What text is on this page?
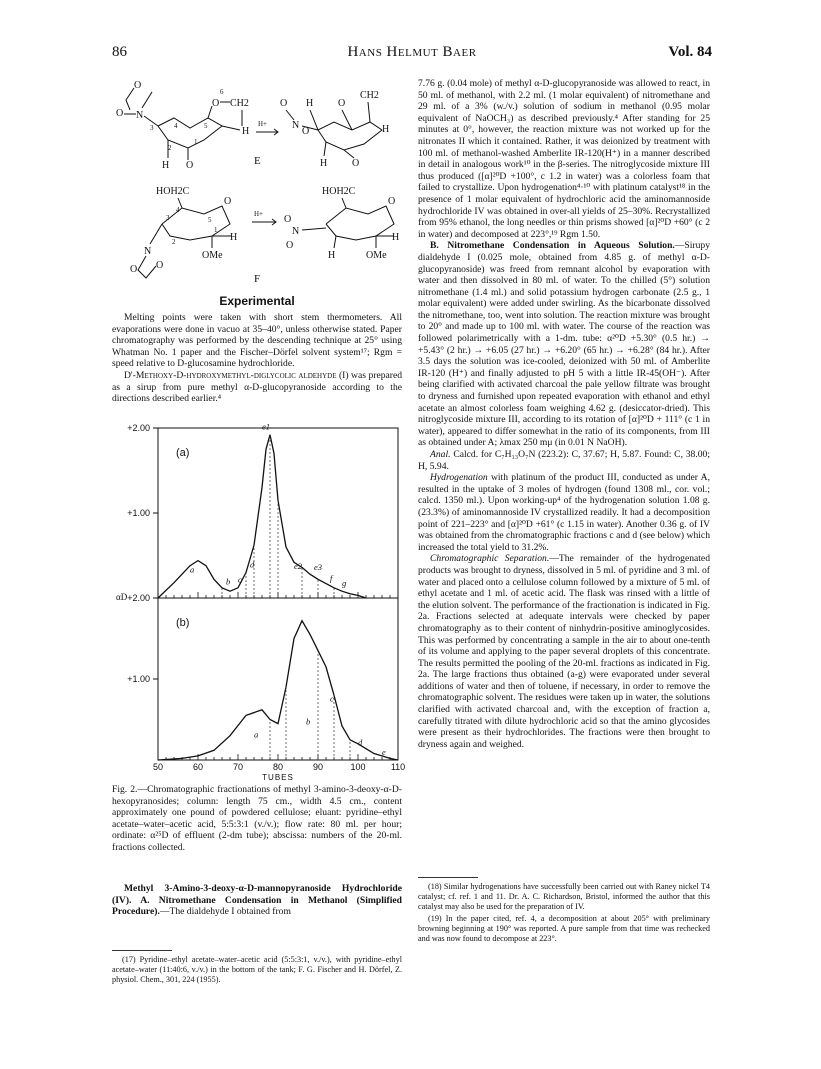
86	Hans Helmut Baer	Vol. 84
O
O
N
O CH2
H
H O
6
5
4
3
2
1
H+
O H O
CH2
N	H
H O
O
E
HOH2C
O
H
OMe
N
O O
4
5
3
2
1
H+
HOH2C
O
H
OMe
N
O
O
H
F
Experimental

Melting points were taken with short stem thermometers. All evaporations were done in vacuo at 35–40°, unless otherwise stated. Paper chromatography was performed by the descending technique at 25° using Whatman No. 1 paper and the Fischer–Dörfel solvent system¹⁷; Rgm = speed relative to D-glucosamine hydrochloride.

D'-Methoxy-D-hydroxymethyl-diglycolic aldehyde (I) was prepared as a sirup from pure methyl α-D-glucopyranoside according to the directions described earlier.⁴

+2.00
+1.00
(a)
a
b c
d
e1
e2 e3
f
g
+2.00
+1.00
(b)
a
b
c
d
e
αD
50	60	70	80	90	100	110
TUBES

Fig. 2.—Chromatographic fractionations of methyl 3-amino-3-deoxy-α-D-hexopyranosides; column: length 75 cm., width 4.5 cm., content approximately one pound of powdered cellulose; eluant: pyridine–ethyl acetate–water–acetic acid, 5:5:3:1 (v./v.); flow rate: 80 ml. per hour; ordinate: α²⁵D of effluent (2-dm tube); abscissa: numbers of the 20-ml. fractions collected.

Methyl 3-Amino-3-deoxy-α-D-mannopyranoside Hydrochloride (IV). A. Nitromethane Condensation in Methanol (Simplified Procedure).—The dialdehyde I obtained from

(17) Pyridine–ethyl acetate–water–acetic acid (5:5:3:1, v./v.), with pyridine–ethyl acetate–water (11:40:6, v./v.) in the bottom of the tank; F. G. Fischer and H. Dörfel, Z. physiol. Chem., 301, 224 (1955).

7.76 g. (0.04 mole) of methyl α-D-glucopyranoside was allowed to react, in 50 ml. of methanol, with 2.2 ml. (1 molar equivalent) of nitromethane and 29 ml. of a 3% (w./v.) solution of sodium in methanol (0.95 molar equivalent of NaOCH₃) as described previously.⁴ After standing for 25 minutes at 0°, however, the reaction mixture was not worked up for the nitronates II which it contained. Rather, it was deionized by treatment with 100 ml. of methanol-washed Amberlite IR-120(H⁺) in a manner described in detail in analogous work¹⁰ in the β-series. The nitroglycoside mixture III thus produced ([α]²⁰D +100°, c 1.2 in water) was a colorless foam that failed to crystallize. Upon hydrogenation⁴·¹⁰ with platinum catalyst¹⁸ in the presence of 1 molar equivalent of hydrochloric acid the aminomannoside hydrochloride IV was obtained in over-all yields of 25–30%. Recrystallized from 95% ethanol, the long needles or thin prisms showed [α]²⁰D +60° (c 2 in water) and decomposed at 223°,¹⁹ Rgm 1.50.

B. Nitromethane Condensation in Aqueous Solution.—Sirupy dialdehyde I (0.025 mole, obtained from 4.85 g. of methyl α-D-glucopyranoside) was freed from remnant alcohol by evaporation with water and then dissolved in 80 ml. of water. To the chilled (5°) solution nitromethane (1.4 ml.) and solid potassium hydrogen carbonate (2.5 g., 1 molar equivalent) were added under swirling. As the bicarbonate dissolved the nitromethane, too, went into solution. The reaction mixture was brought to 20° and made up to 100 ml. with water. The course of the reaction was followed polarimetrically with a 1-dm. tube: α²⁰D +5.30° (0.5 hr.) → +5.43° (2 hr.) → +6.05 (27 hr.) → +6.20° (65 hr.) → +6.28° (84 hr.). After 3.5 days the solution was ice-cooled, deionized with 50 ml. of Amberlite IR-120 (H⁺) and finally adjusted to pH 5 with a little IR-45(OH⁻). After being clarified with activated charcoal the pale yellow filtrate was brought to dryness and furnished upon repeated evaporation with ethanol and ethyl acetate an almost colorless foam weighing 4.62 g. (desiccator-dried). This nitroglycoside mixture III, according to its rotation of [α]²⁰D + 111° (c 1 in water), appeared to differ somewhat in the ratio of its components, from III as obtained under A; λmax 250 mμ (in 0.01 N NaOH).

Anal. Calcd. for C₇H₁₃O₇N (223.2): C, 37.67; H, 5.87. Found: C, 38.00; H, 5.94.

Hydrogenation with platinum of the product III, conducted as under A, resulted in the uptake of 3 moles of hydrogen (found 1308 ml., cor. vol.; calcd. 1350 ml.). Upon working-up⁴ of the hydrogenation solution 1.08 g. (23.3%) of aminomannoside IV crystallized readily. It had a decomposition point of 221–223° and [α]²⁰D +61° (c 1.15 in water). Another 0.36 g. of IV was obtained from the chromatographic fractions c and d (see below) which increased the total yield to 31.2%.

Chromatographic Separation.—The remainder of the hydrogenated products was brought to dryness, dissolved in 5 ml. of pyridine and 3 ml. of water and placed onto a cellulose column followed by a mixture of 5 ml. of ethyl acetate and 1 ml. of acetic acid. The flask was rinsed with a little of the elution solvent. The performance of the fractionation is indicated in Fig. 2a. Fractions selected at adequate intervals were checked by paper chromatography as to their content of ninhydrin-positive aminoglycosides. This was performed by concentrating a sample in the air to about one-tenth of its volume and applying to the paper several droplets of this concentrate. The results permitted the pooling of the 20-ml. fractions as indicated in Fig. 2a. The large fractions thus obtained (a-g) were evaporated under several additions of water and then of toluene, if necessary, in order to remove the chromatographic solvent. The residues were taken up in water, the solutions clarified with activated charcoal and, with the exception of fraction a, carefully titrated with dilute hydrochloric acid so that the amino glycosides were present as their hydrochlorides. The fractions were then brought to dryness again and weighed.

(18) Similar hydrogenations have successfully been carried out with Raney nickel T4 catalyst; cf. ref. 1 and 11. Dr. A. C. Richardson, Bristol, informed the author that this catalyst may also be used for the preparation of IV.

(19) In the paper cited, ref. 4, a decomposition at about 205° with preliminary browning beginning at 190° was reported. A pure sample from that time was rechecked and was now found to decompose at 223°.
